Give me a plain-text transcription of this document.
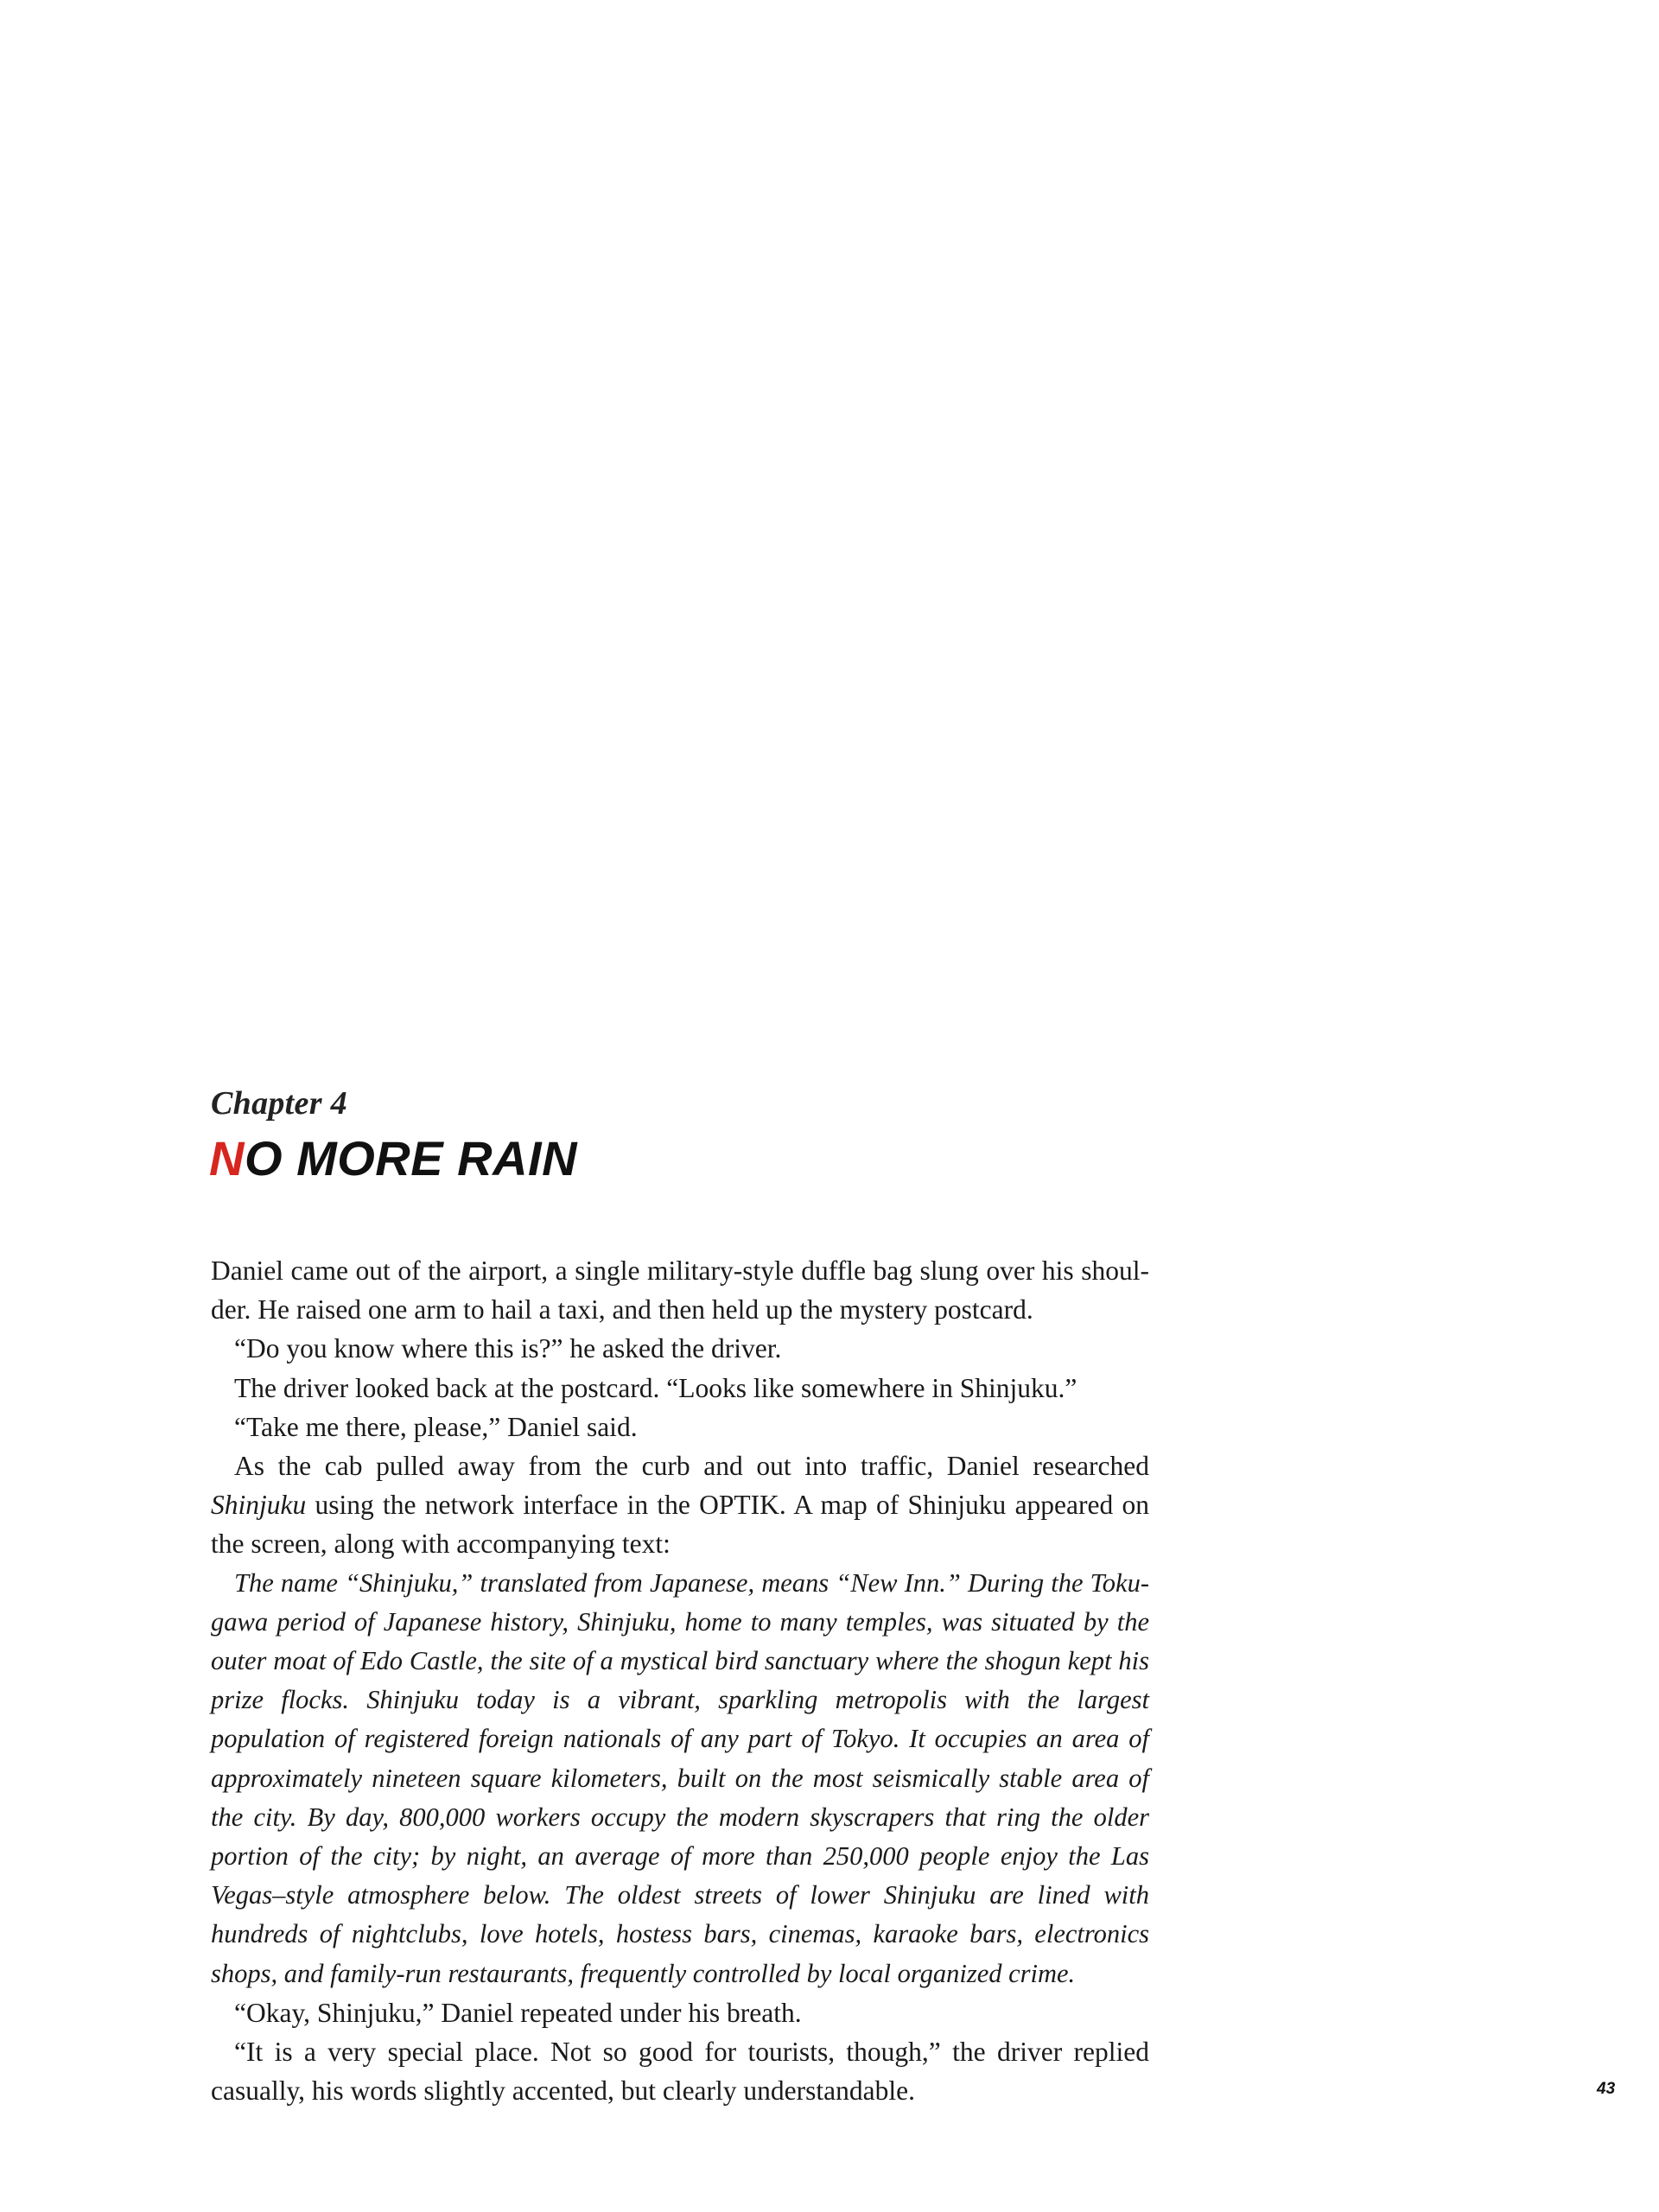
Chapter 4
NO MORE RAIN

Daniel came out of the airport, a single military-style duffle bag slung over his shoul-der. He raised one arm to hail a taxi, and then held up the mystery postcard.

“Do you know where this is?” he asked the driver.

The driver looked back at the postcard. “Looks like somewhere in Shinjuku.”

“Take me there, please,” Daniel said.

As the cab pulled away from the curb and out into traffic, Daniel researched Shinjuku using the network interface in the OPTIK. A map of Shinjuku appeared on the screen, along with accompanying text:

The name “Shinjuku,” translated from Japanese, means “New Inn.” During the Toku-gawa period of Japanese history, Shinjuku, home to many temples, was situated by the outer moat of Edo Castle, the site of a mystical bird sanctuary where the shogun kept his prize flocks. Shinjuku today is a vibrant, sparkling metropolis with the largest population of registered foreign nationals of any part of Tokyo. It occupies an area of approximately nineteen square kilometers, built on the most seismically stable area of the city. By day, 800,000 workers occupy the modern skyscrapers that ring the older portion of the city; by night, an average of more than 250,000 people enjoy the Las Vegas–style atmosphere below. The oldest streets of lower Shinjuku are lined with hundreds of nightclubs, love hotels, hostess bars, cinemas, karaoke bars, electronics shops, and family-run restaurants, frequently controlled by local organized crime.

“Okay, Shinjuku,” Daniel repeated under his breath.

“It is a very special place. Not so good for tourists, though,” the driver replied casually, his words slightly accented, but clearly understandable.	43
